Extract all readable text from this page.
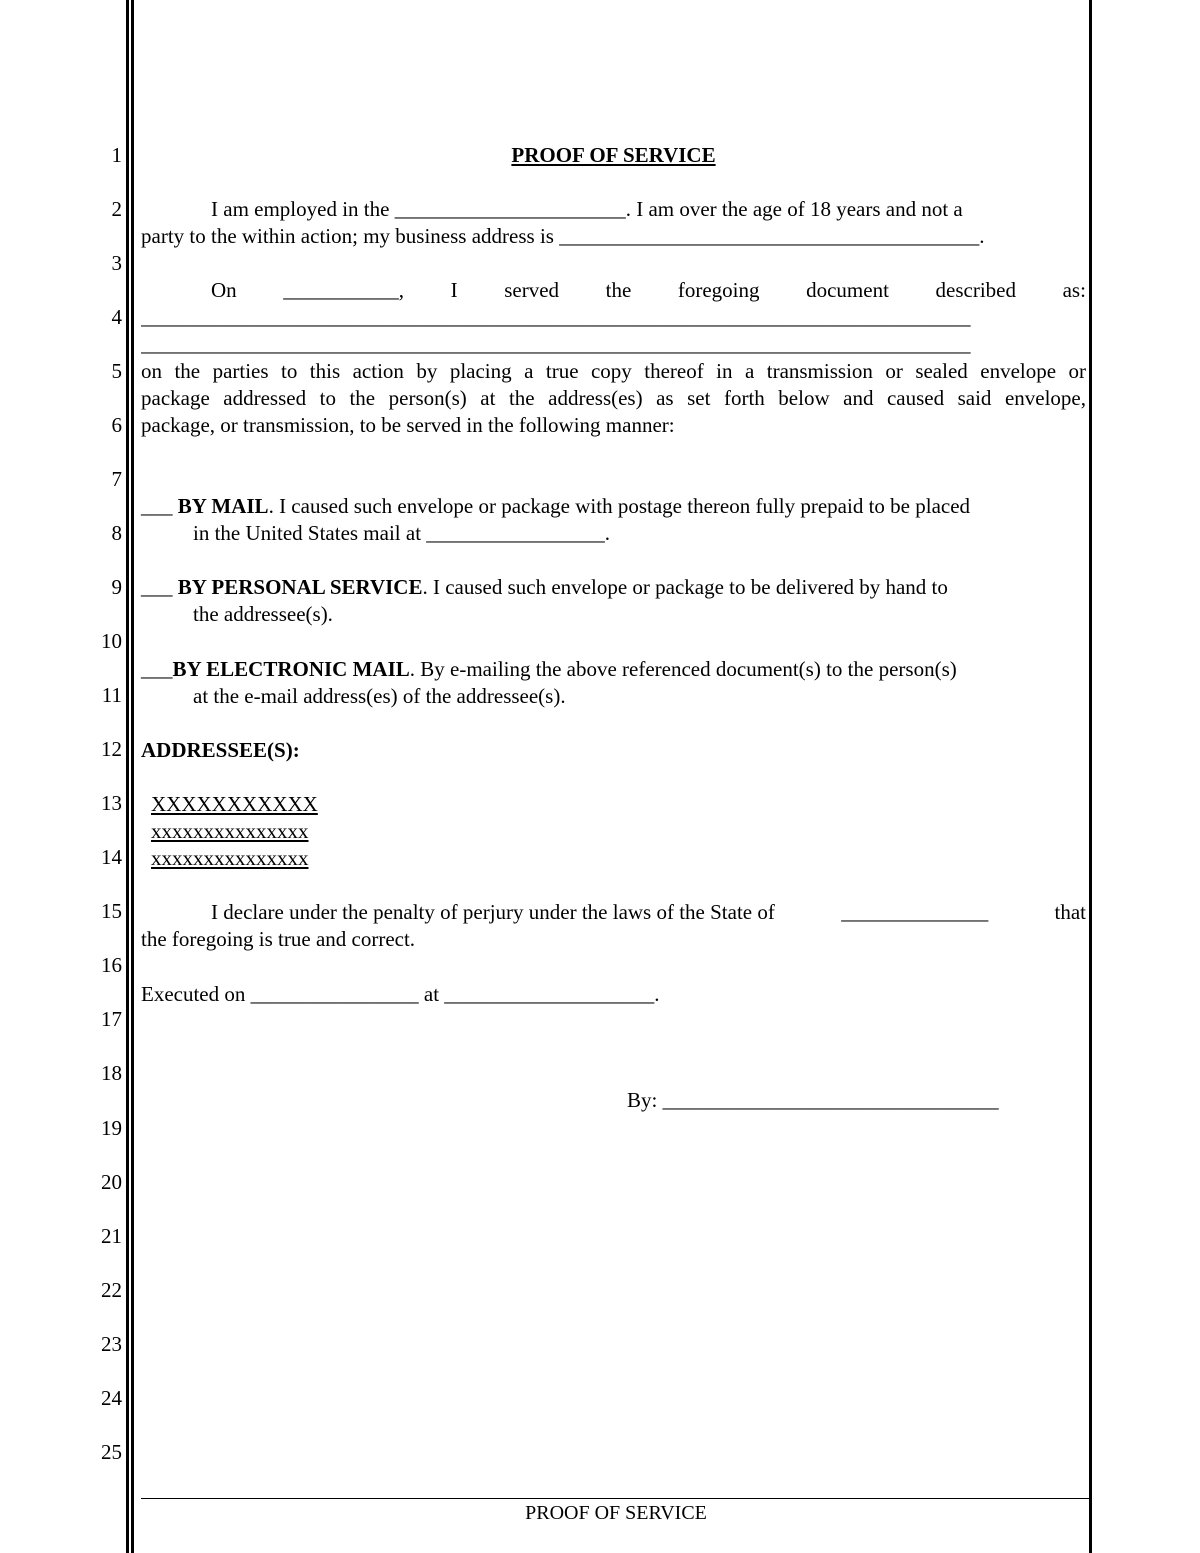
1
2
3
4
5
6
7
8
9
10
11
12
13
14
15
16
17
18
19
20
21
22
23
24
25
PROOF OF SERVICE
I am employed in the ______________________. I am over the age of 18 years and not a
party to the within action; my business address is ________________________________________.
On ___________, I served the foregoing document described as:
_______________________________________________________________________________
_______________________________________________________________________________
on the parties to this action by placing a true copy thereof in a transmission or sealed envelope or
package addressed to the person(s) at the address(es) as set forth below and caused said envelope,
package, or transmission, to be served in the following manner:
___ BY MAIL. I caused such envelope or package with postage thereon fully prepaid to be placed
in the United States mail at _________________.
___ BY PERSONAL SERVICE. I caused such envelope or package to be delivered by hand to
the addressee(s).
___BY ELECTRONIC MAIL. By e-mailing the above referenced document(s) to the person(s)
at the e-mail address(es) of the addressee(s).
ADDRESSEE(S):
XXXXXXXXXXX
xxxxxxxxxxxxxxx
xxxxxxxxxxxxxxx
I declare under the penalty of perjury under the laws of the State of	______________	that
the foregoing is true and correct.
Executed on ________________ at ____________________.
By: ________________________________
PROOF OF SERVICE
